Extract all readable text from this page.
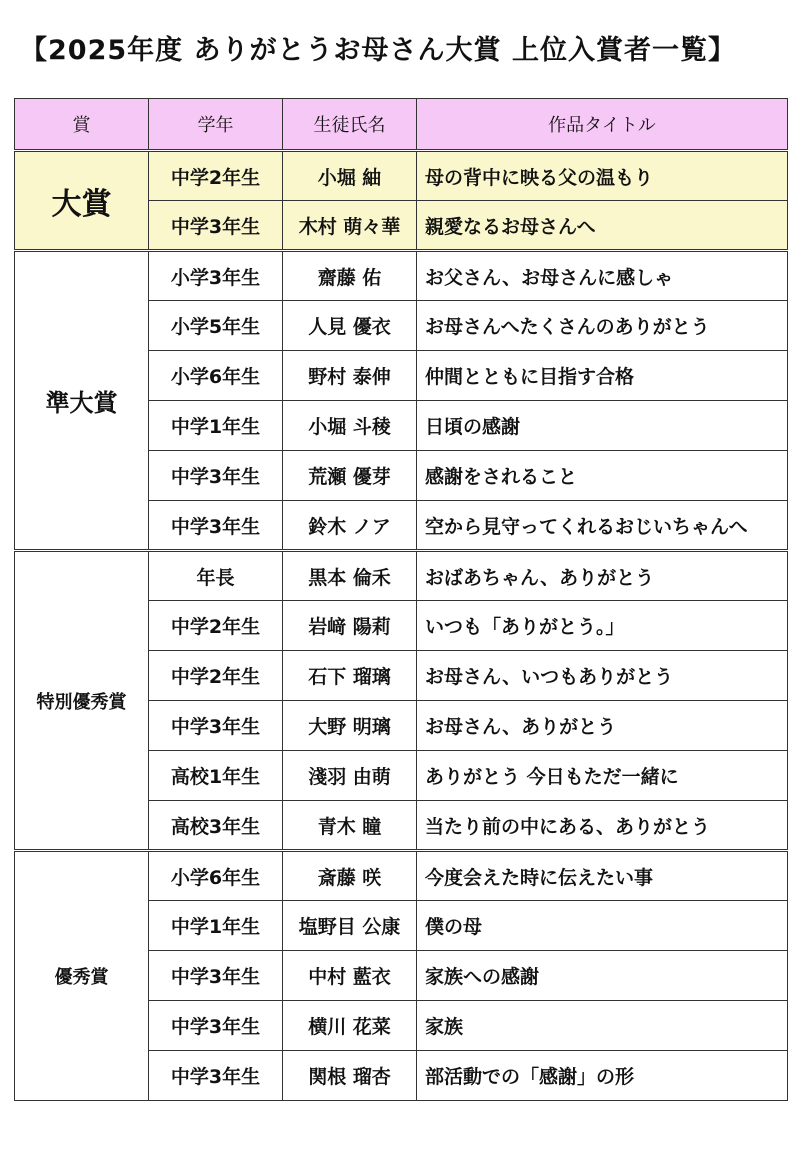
【2025年度 ありがとうお母さん大賞 上位入賞者一覧】
賞	学年	生徒氏名	作品タイトル
大賞	中学2年生	小堀 紬	母の背中に映る父の温もり
	中学3年生	木村 萌々華	親愛なるお母さんへ
準大賞	小学3年生	齋藤 佑	お父さん、お母さんに感しゃ
	小学5年生	人見 優衣	お母さんへたくさんのありがとう
	小学6年生	野村 泰伸	仲間とともに目指す合格
	中学1年生	小堀 斗稜	日頃の感謝
	中学3年生	荒瀬 優芽	感謝をされること
	中学3年生	鈴木 ノア	空から見守ってくれるおじいちゃんへ
特別優秀賞	年長	黒本 倫禾	おばあちゃん、ありがとう
	中学2年生	岩﨑 陽莉	いつも「ありがとう。」
	中学2年生	石下 瑠璃	お母さん、いつもありがとう
	中学3年生	大野 明璃	お母さん、ありがとう
	高校1年生	淺羽 由萌	ありがとう 今日もただ一緒に
	高校3年生	青木 瞳	当たり前の中にある、ありがとう
優秀賞	小学6年生	斎藤 咲	今度会えた時に伝えたい事
	中学1年生	塩野目 公康	僕の母
	中学3年生	中村 藍衣	家族への感謝
	中学3年生	横川 花菜	家族
	中学3年生	関根 瑠杏	部活動での「感謝」の形
